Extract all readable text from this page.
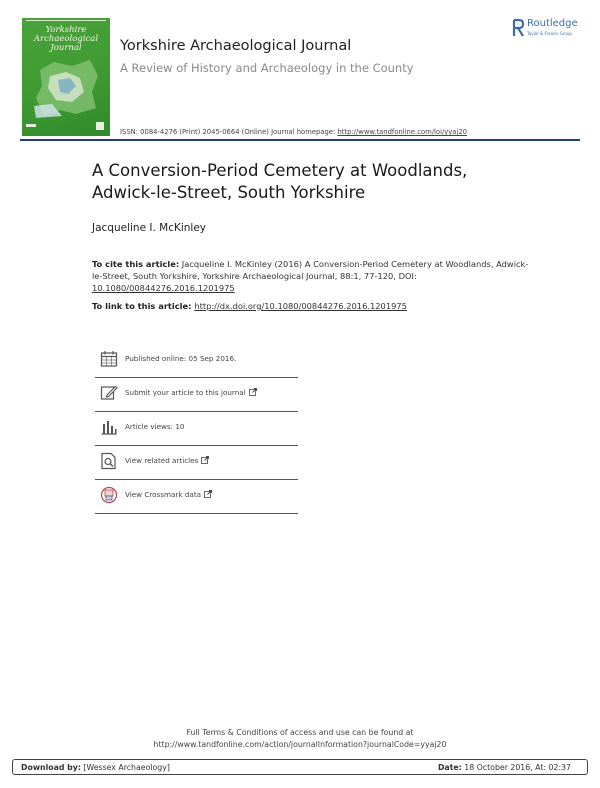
Yorkshire
Archaeological Journal	Yorkshire Archaeological Journal
A Review of History and Archaeology in the County
ISSN: 0084-4276 (Print) 2045-0664 (Online) Journal homepage: http://www.tandfonline.com/loi/yyaj20
Routledge
Taylor & Francis Group
A Conversion-Period Cemetery at Woodlands,
Adwick-le-Street, South Yorkshire
Jacqueline I. McKinley
To cite this article: Jacqueline I. McKinley (2016) A Conversion-Period Cemetery at Woodlands, Adwick-le-Street, South Yorkshire, Yorkshire Archaeological Journal, 88:1, 77-120, DOI: 10.1080/00844276.2016.1201975
To link to this article: http://dx.doi.org/10.1080/00844276.2016.1201975
Published online: 05 Sep 2016.
Submit your article to this journal
Article views: 10
View related articles
View Crossmark data
Full Terms & Conditions of access and use can be found at
http://www.tandfonline.com/action/journalInformation?journalCode=yyaj20
Download by: [Wessex Archaeology]	Date: 18 October 2016, At: 02:37
